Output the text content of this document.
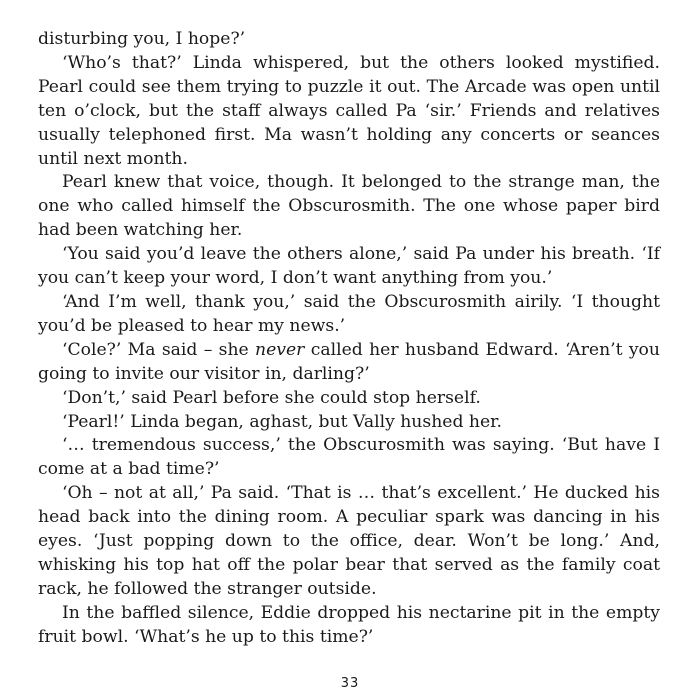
disturbing you, I hope?’

‘Who’s that?’ Linda whispered, but the others looked mystified. Pearl could see them trying to puzzle it out. The Arcade was open until ten o’clock, but the staff always called Pa ‘sir.’ Friends and relatives usually telephoned first. Ma wasn’t holding any concerts or seances until next month.

Pearl knew that voice, though. It belonged to the strange man, the one who called himself the Obscurosmith. The one whose paper bird had been watching her.

‘You said you’d leave the others alone,’ said Pa under his breath. ‘If you can’t keep your word, I don’t want anything from you.’

‘And I’m well, thank you,’ said the Obscurosmith airily. ‘I thought you’d be pleased to hear my news.’

‘Cole?’ Ma said – she never called her husband Edward. ‘Aren’t you going to invite our visitor in, darling?’

‘Don’t,’ said Pearl before she could stop herself.

‘Pearl!’ Linda began, aghast, but Vally hushed her.

‘… tremendous success,’ the Obscurosmith was saying. ‘But have I come at a bad time?’

‘Oh – not at all,’ Pa said. ‘That is … that’s excellent.’ He ducked his head back into the dining room. A peculiar spark was dancing in his eyes. ‘Just popping down to the office, dear. Won’t be long.’ And, whisking his top hat off the polar bear that served as the family coat rack, he followed the stranger outside.

In the baffled silence, Eddie dropped his nectarine pit in the empty fruit bowl. ‘What’s he up to this time?’

33
